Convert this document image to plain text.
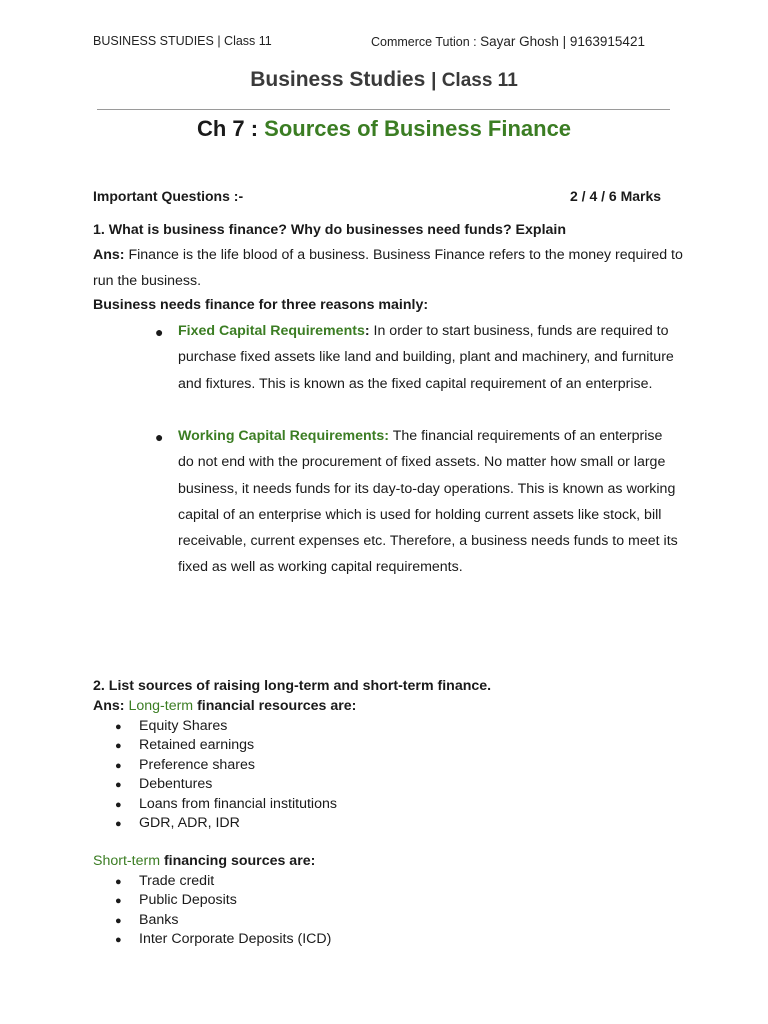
BUSINESS STUDIES | Class 11	Commerce Tution : Sayar Ghosh | 9163915421
Business Studies | Class 11
Ch 7 : Sources of Business Finance
Important Questions :-	2 / 4 / 6 Marks
1. What is business finance? Why do businesses need funds? Explain
Ans: Finance is the life blood of a business. Business Finance refers to the money required to run the business.
Business needs finance for three reasons mainly:
● Fixed Capital Requirements: In order to start business, funds are required to purchase fixed assets like land and building, plant and machinery, and furniture and fixtures. This is known as the fixed capital requirement of an enterprise.
● Working Capital Requirements: The financial requirements of an enterprise do not end with the procurement of fixed assets. No matter how small or large business, it needs funds for its day-to-day operations. This is known as working capital of an enterprise which is used for holding current assets like stock, bill receivable, current expenses etc. Therefore, a business needs funds to meet its fixed as well as working capital requirements.
2. List sources of raising long-term and short-term finance.
Ans: Long-term financial resources are:
● Equity Shares
● Retained earnings
● Preference shares
● Debentures
● Loans from financial institutions
● GDR, ADR, IDR
Short-term financing sources are:
● Trade credit
● Public Deposits
● Banks
● Inter Corporate Deposits (ICD)
